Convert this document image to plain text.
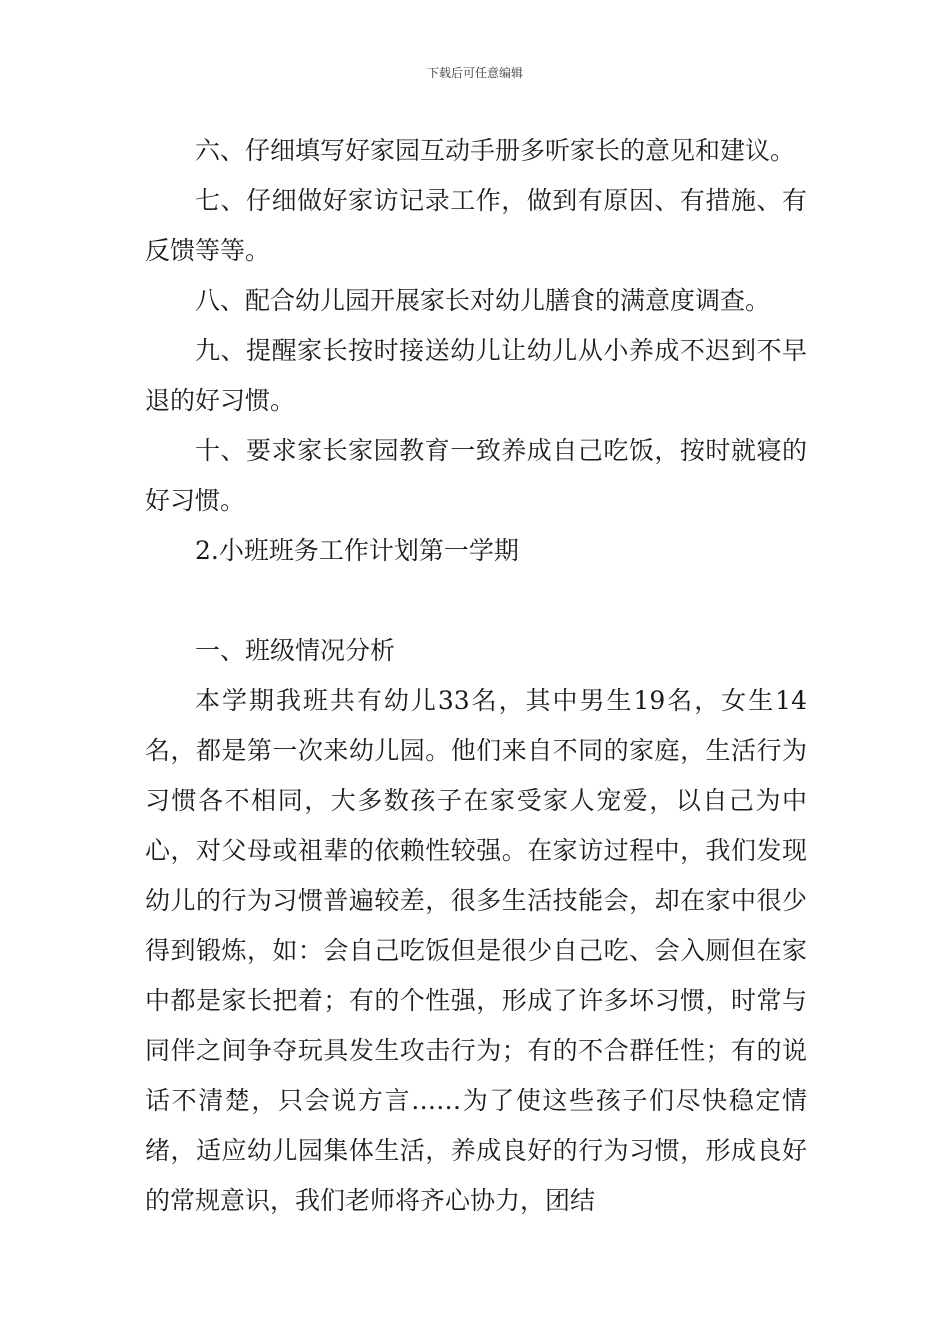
下载后可任意编辑

六、仔细填写好家园互动手册多听家长的意见和建议。

七、仔细做好家访记录工作，做到有原因、有措施、有反馈等等。

八、配合幼儿园开展家长对幼儿膳食的满意度调查。

九、提醒家长按时接送幼儿让幼儿从小养成不迟到不早退的好习惯。

十、要求家长家园教育一致养成自己吃饭，按时就寝的好习惯。

2.小班班务工作计划第一学期

一、班级情况分析

本学期我班共有幼儿33名，其中男生19名，女生14名，都是第一次来幼儿园。他们来自不同的家庭，生活行为习惯各不相同，大多数孩子在家受家人宠爱，以自己为中心，对父母或祖辈的依赖性较强。在家访过程中，我们发现幼儿的行为习惯普遍较差，很多生活技能会，却在家中很少得到锻炼，如：会自己吃饭但是很少自己吃、会入厕但在家中都是家长把着；有的个性强，形成了许多坏习惯，时常与同伴之间争夺玩具发生攻击行为；有的不合群任性；有的说话不清楚，只会说方言……为了使这些孩子们尽快稳定情绪，适应幼儿园集体生活，养成良好的行为习惯，形成良好的常规意识，我们老师将齐心协力，团结
